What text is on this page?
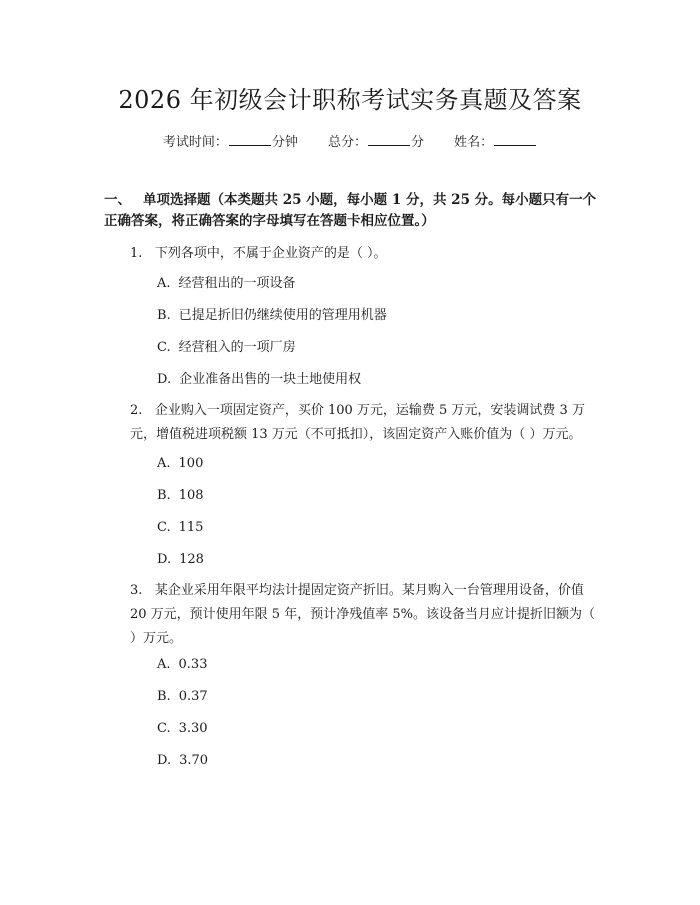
2026 年初级会计职称考试实务真题及答案
考试时间：	分钟 总分：	分 姓名：
一、 单项选择题（本类题共 25 小题，每小题 1 分，共 25 分。每小题只有一个正确答案，将正确答案的字母填写在答题卡相应位置。）
1. 下列各项中，不属于企业资产的是（ ）。
A. 经营租出的一项设备
B. 已提足折旧仍继续使用的管理用机器
C. 经营租入的一项厂房
D. 企业准备出售的一块土地使用权
2. 企业购入一项固定资产，买价 100 万元，运输费 5 万元，安装调试费 3 万元，增值税进项税额 13 万元（不可抵扣），该固定资产入账价值为（ ）万元。
A. 100
B. 108
C. 115
D. 128
3. 某企业采用年限平均法计提固定资产折旧。某月购入一台管理用设备，价值 20 万元，预计使用年限 5 年，预计净残值率 5%。该设备当月应计提折旧额为（ ）万元。
A. 0.33
B. 0.37
C. 3.30
D. 3.70
